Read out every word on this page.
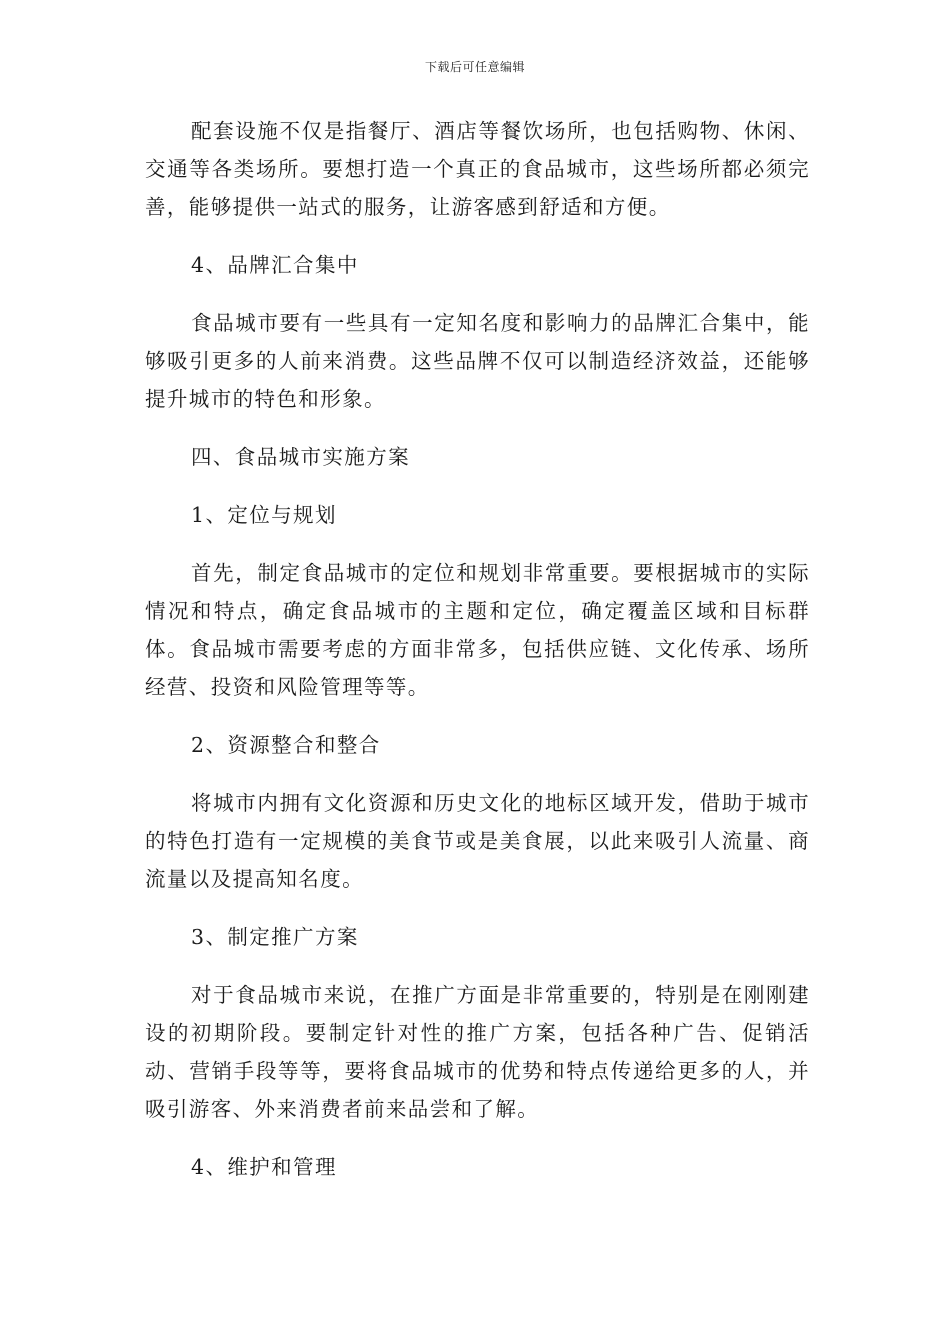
下载后可任意编辑

配套设施不仅是指餐厅、酒店等餐饮场所，也包括购物、休闲、交通等各类场所。要想打造一个真正的食品城市，这些场所都必须完善，能够提供一站式的服务，让游客感到舒适和方便。

4、品牌汇合集中

食品城市要有一些具有一定知名度和影响力的品牌汇合集中，能够吸引更多的人前来消费。这些品牌不仅可以制造经济效益，还能够提升城市的特色和形象。

四、食品城市实施方案

1、定位与规划

首先，制定食品城市的定位和规划非常重要。要根据城市的实际情况和特点，确定食品城市的主题和定位，确定覆盖区域和目标群体。食品城市需要考虑的方面非常多，包括供应链、文化传承、场所经营、投资和风险管理等等。

2、资源整合和整合

将城市内拥有文化资源和历史文化的地标区域开发，借助于城市的特色打造有一定规模的美食节或是美食展，以此来吸引人流量、商流量以及提高知名度。

3、制定推广方案

对于食品城市来说，在推广方面是非常重要的，特别是在刚刚建设的初期阶段。要制定针对性的推广方案，包括各种广告、促销活动、营销手段等等，要将食品城市的优势和特点传递给更多的人，并吸引游客、外来消费者前来品尝和了解。

4、维护和管理
